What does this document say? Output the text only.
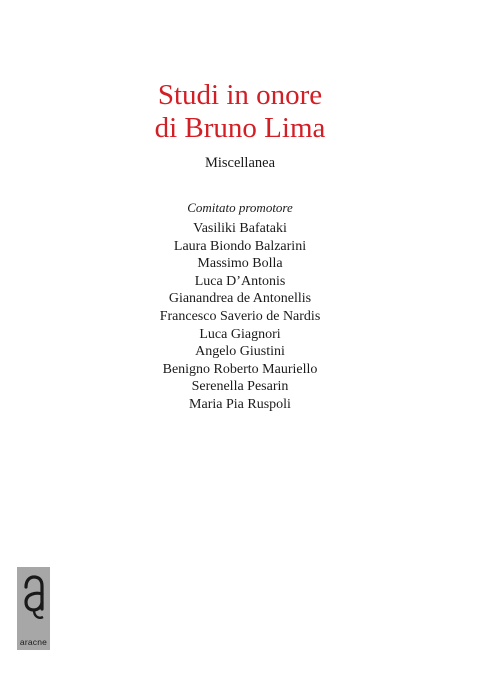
Studi in onore
di Bruno Lima

Miscellanea

Comitato promotore

Vasiliki Bafataki
Laura Biondo Balzarini
Massimo Bolla
Luca D’Antonis
Gianandrea de Antonellis
Francesco Saverio de Nardis
Luca Giagnori
Angelo Giustini
Benigno Roberto Mauriello
Serenella Pesarin
Maria Pia Ruspoli
aracne
